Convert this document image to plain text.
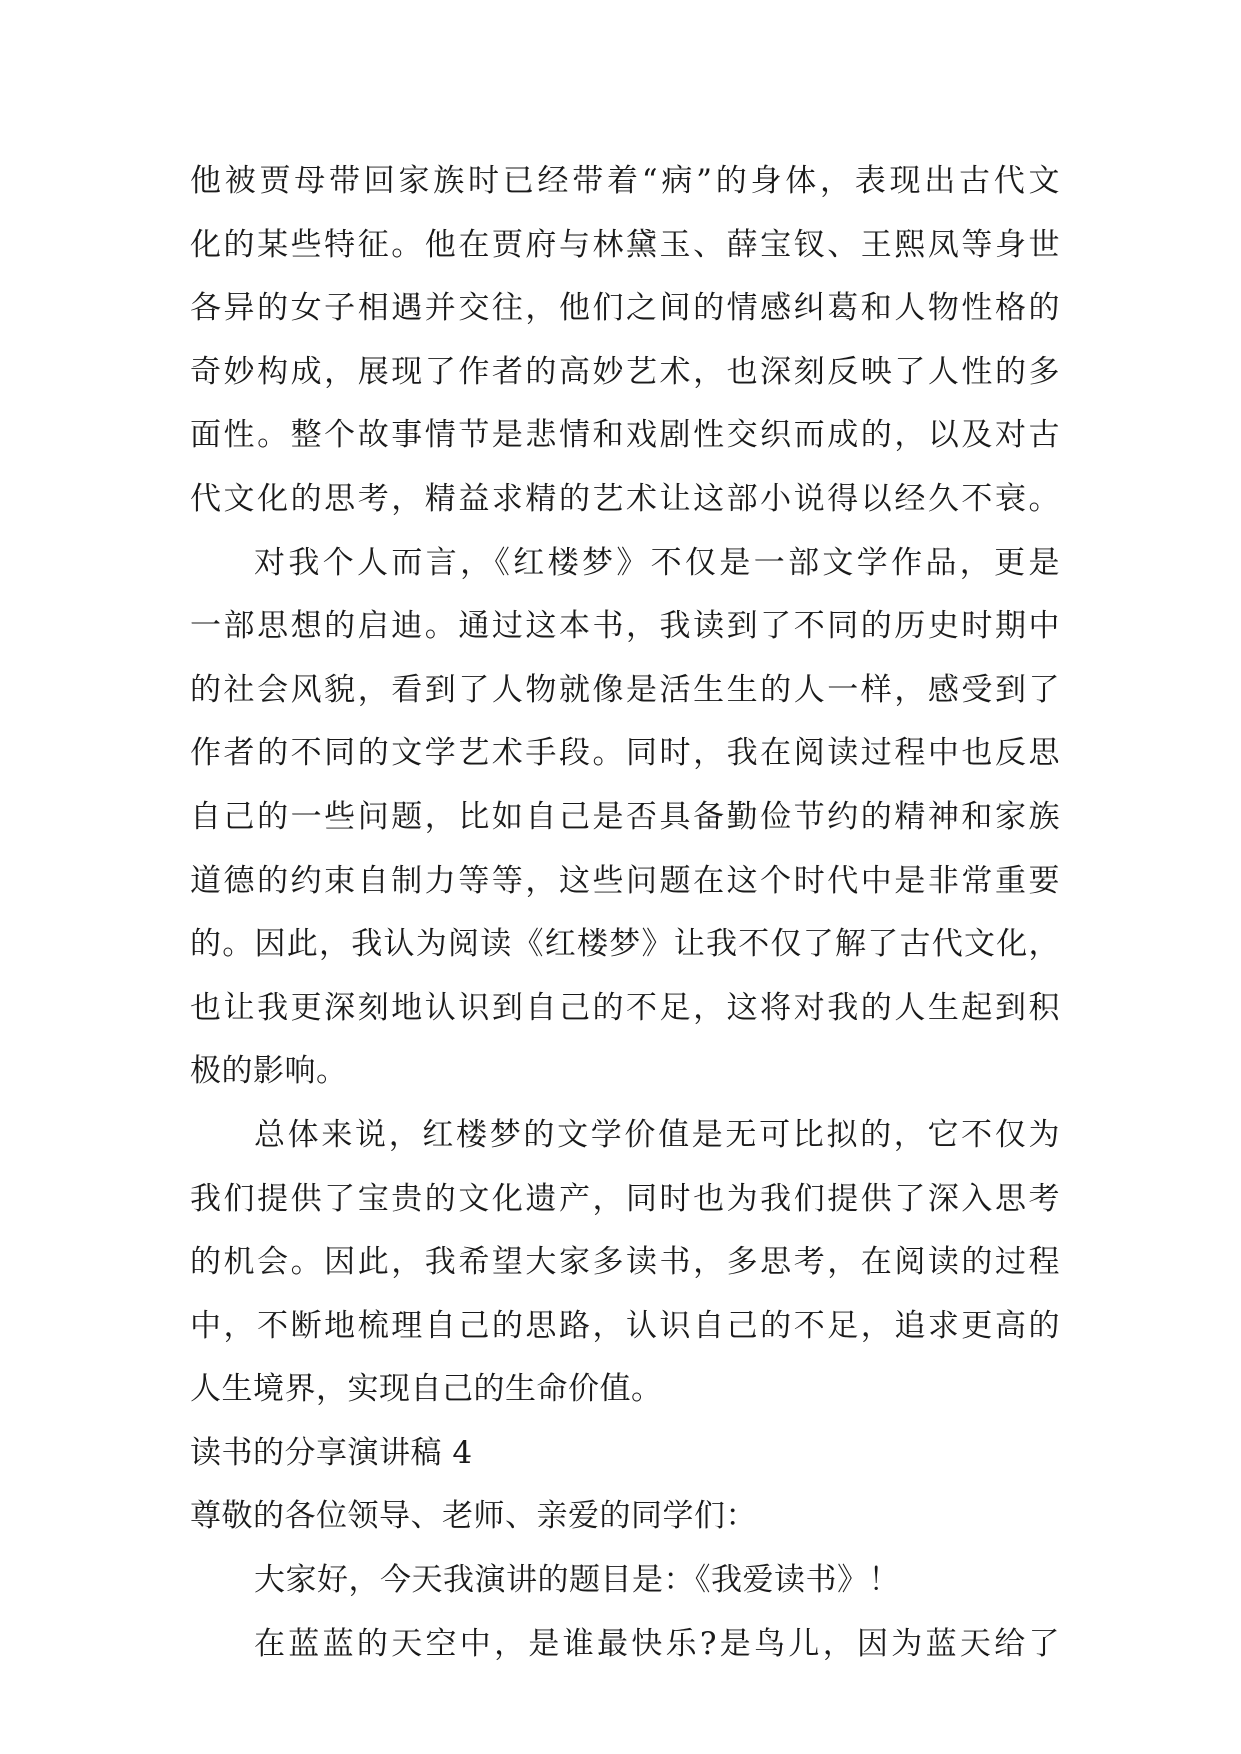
他被贾母带回家族时已经带着“病”的身体，表现出古代文
化的某些特征。他在贾府与林黛玉、薛宝钗、王熙凤等身世
各异的女子相遇并交往，他们之间的情感纠葛和人物性格的
奇妙构成，展现了作者的高妙艺术，也深刻反映了人性的多
面性。整个故事情节是悲情和戏剧性交织而成的，以及对古
代文化的思考，精益求精的艺术让这部小说得以经久不衰。
对我个人而言，《红楼梦》不仅是一部文学作品，更是
一部思想的启迪。通过这本书，我读到了不同的历史时期中
的社会风貌，看到了人物就像是活生生的人一样，感受到了
作者的不同的文学艺术手段。同时，我在阅读过程中也反思
自己的一些问题，比如自己是否具备勤俭节约的精神和家族
道德的约束自制力等等，这些问题在这个时代中是非常重要
的。因此，我认为阅读《红楼梦》让我不仅了解了古代文化，
也让我更深刻地认识到自己的不足，这将对我的人生起到积
极的影响。
总体来说，红楼梦的文学价值是无可比拟的，它不仅为
我们提供了宝贵的文化遗产，同时也为我们提供了深入思考
的机会。因此，我希望大家多读书，多思考，在阅读的过程
中，不断地梳理自己的思路，认识自己的不足，追求更高的
人生境界，实现自己的生命价值。
读书的分享演讲稿 4
尊敬的各位领导、老师、亲爱的同学们：
大家好，今天我演讲的题目是：《我爱读书》！
在蓝蓝的天空中，是谁最快乐?是鸟儿，因为蓝天给了
